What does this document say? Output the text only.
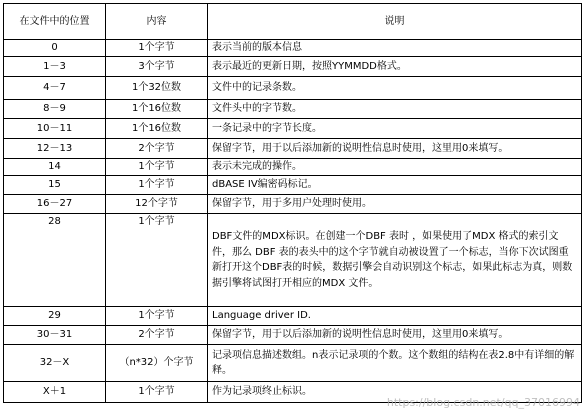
在文件中的位置	内容	说明
0	1个字节	表示当前的版本信息
1－3	3个字节	表示最近的更新日期，按照YYMMDD格式。
4－7	1个32位数	文件中的记录条数。
8－9	1个16位数	文件头中的字节数。
10－11	1个16位数	一条记录中的字节长度。
12－13	2个字节	保留字节，用于以后添加新的说明性信息时使用，这里用0来填写。
14	1个字节	表示未完成的操作。
15	1个字节	dBASE IV编密码标记。
16－27	12个字节	保留字节，用于多用户处理时使用。
28	1个字节	DBF文件的MDX标识。在创建一个DBF 表时 ，如果使用了MDX 格式的索引文件，那么 DBF 表的表头中的这个字节就自动被设置了一个标志，当你下次试图重新打开这个DBF表的时候，数据引擎会自动识别这个标志，如果此标志为真，则数据引擎将试图打开相应的MDX 文件。
29	1个字节	Language driver ID.
30－31	2个字节	保留字节，用于以后添加新的说明性信息时使用，这里用0来填写。
32－X	（n*32）个字节	记录项信息描述数组。n表示记录项的个数。这个数组的结构在表2.8中有详细的解释。
X＋1	1个字节	作为记录项终止标识。
https://blog.csdn.net/qq_37016994
